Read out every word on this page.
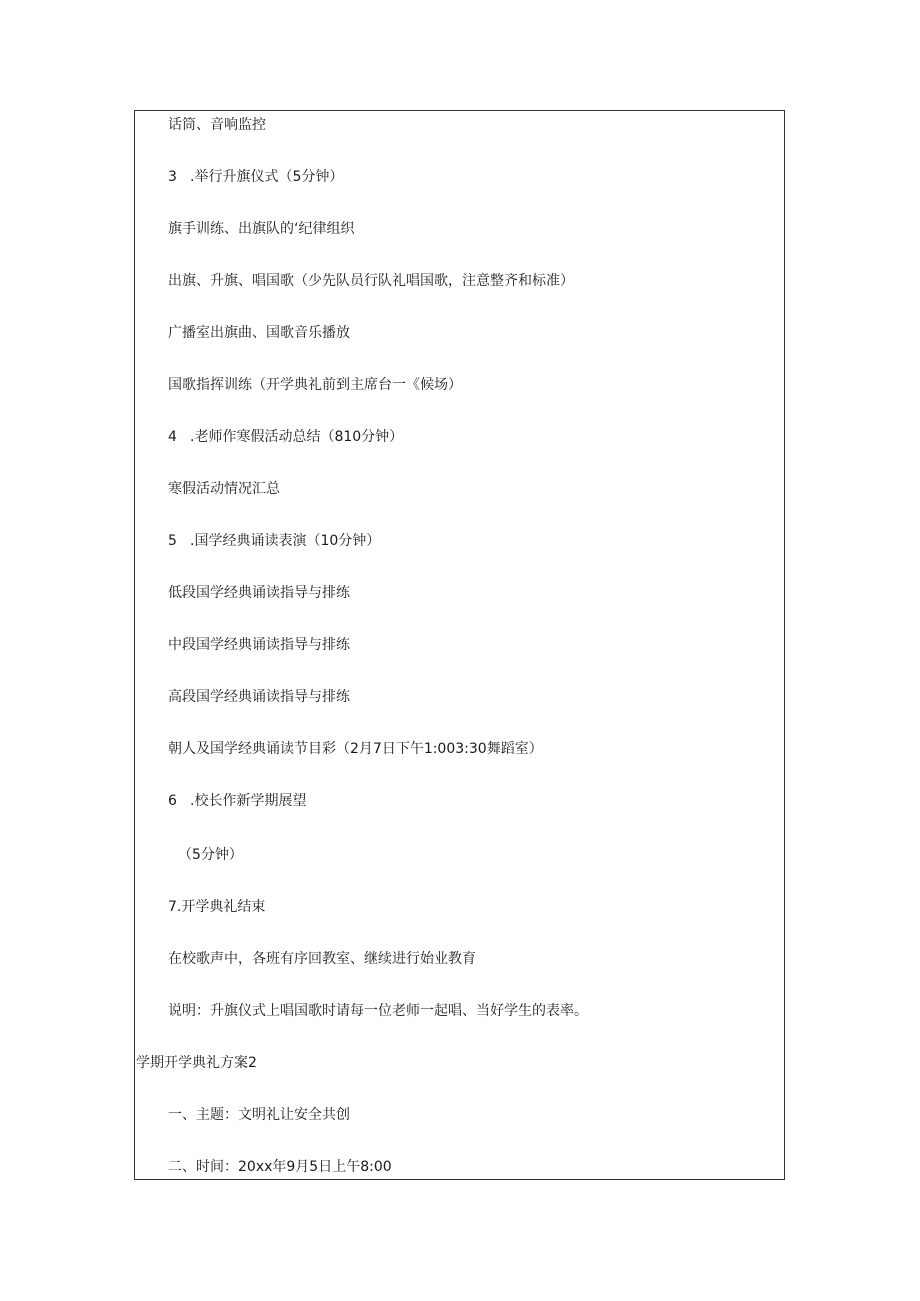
话筒、音响监控
3 .举行升旗仪式（5分钟）
旗手训练、出旗队的‘纪律组织
出旗、升旗、唱国歌（少先队员行队礼唱国歌，注意整齐和标准）
广播室出旗曲、国歌音乐播放
国歌指挥训练（开学典礼前到主席台一《候场）
4 .老师作寒假活动总结（810分钟）
寒假活动情况汇总
5 .国学经典诵读表演（10分钟）
低段国学经典诵读指导与排练
中段国学经典诵读指导与排练
高段国学经典诵读指导与排练
朝人及国学经典诵读节目彩（2月7日下午1:003:30舞蹈室）
6 .校长作新学期展望
（5分钟）
7.开学典礼结束
在校歌声中，各班有序回教室、继续进行始业教育
说明：升旗仪式上唱国歌时请每一位老师一起唱、当好学生的表率。
学期开学典礼方案2
一、主题：文明礼让安全共创
二、时间：20xx年9月5日上午8:00
